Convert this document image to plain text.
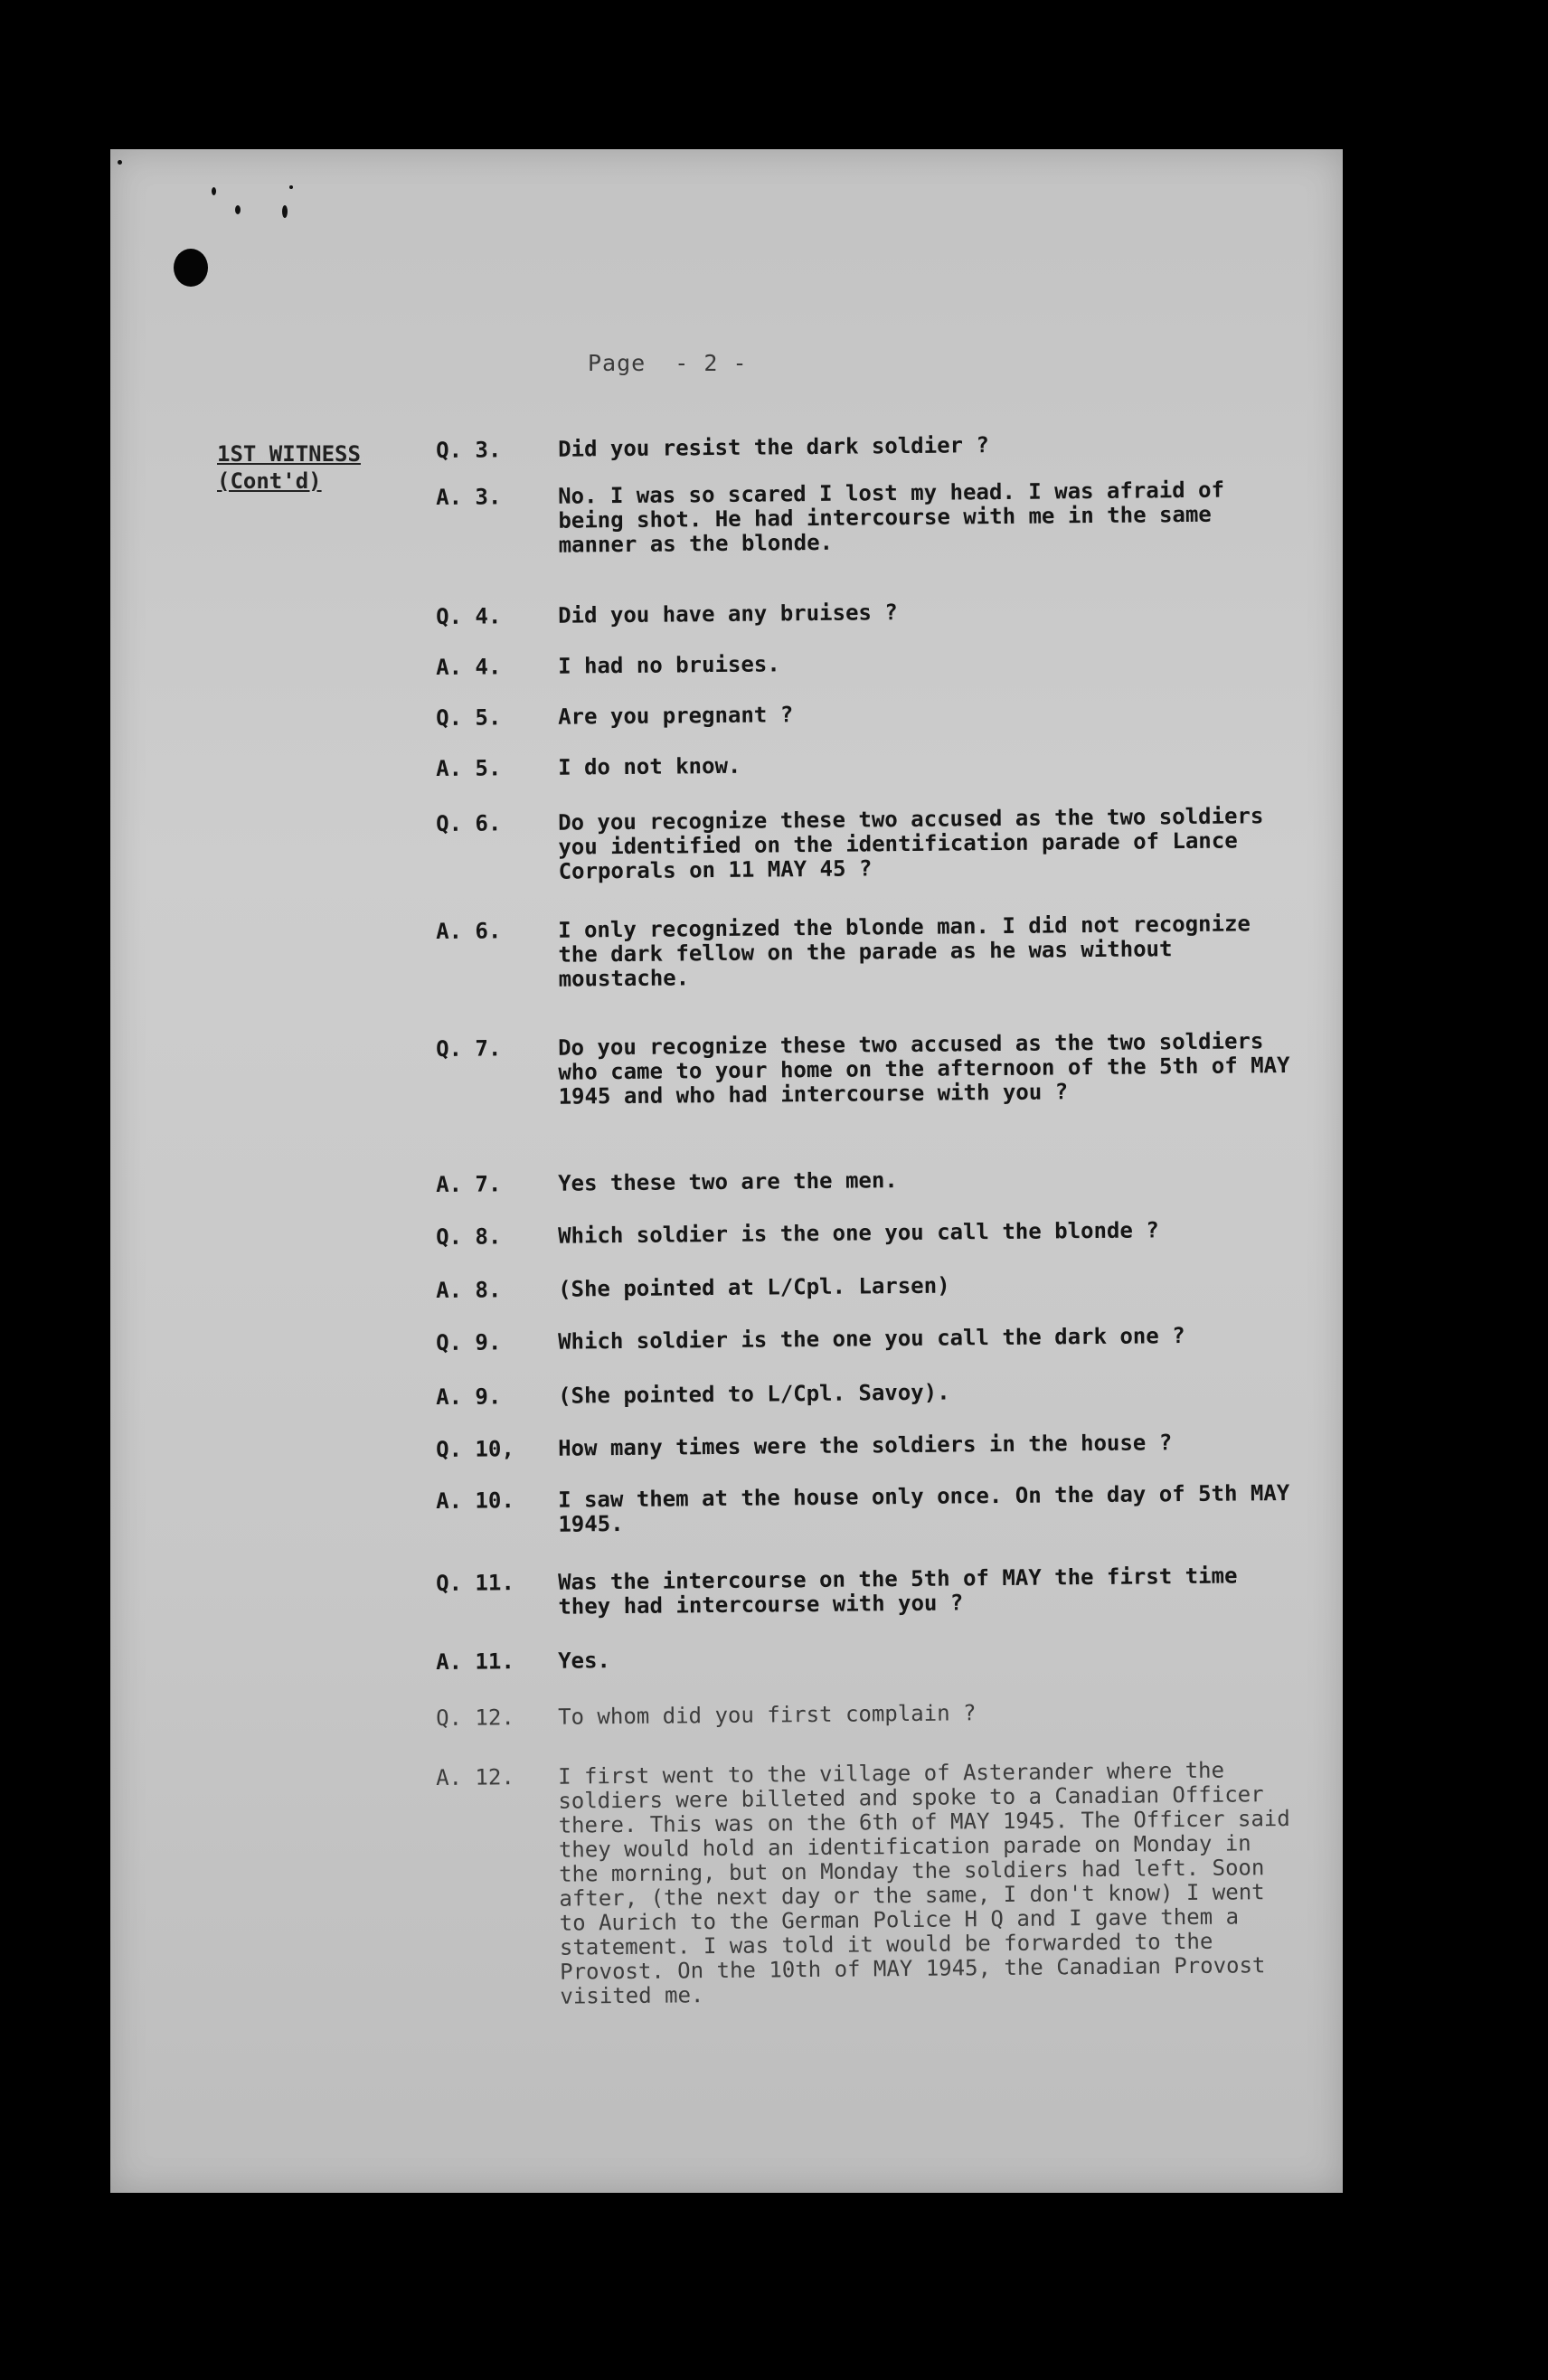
Page  - 2 -
1ST WITNESS
(Cont'd)
Q. 3.	Did you resist the dark soldier ?
A. 3.	No. I was so scared I lost my head. I was afraid of being shot. He had intercourse with me in the same manner as the blonde.
Q. 4.	Did you have any bruises ?
A. 4.	I had no bruises.
Q. 5.	Are you pregnant ?
A. 5.	I do not know.
Q. 6.	Do you recognize these two accused as the two soldiers you identified on the identification parade of Lance Corporals on 11 MAY 45 ?
A. 6.	I only recognized the blonde man. I did not recognize the dark fellow on the parade as he was without moustache.
Q. 7.	Do you recognize these two accused as the two soldiers who came to your home on the afternoon of the 5th of MAY 1945 and who had intercourse with you ?
A. 7.	Yes these two are the men.
Q. 8.	Which soldier is the one you call the blonde ?
A. 8.	(She pointed at L/Cpl. Larsen)
Q. 9.	Which soldier is the one you call the dark one ?
A. 9.	(She pointed to L/Cpl. Savoy).
Q. 10,	How many times were the soldiers in the house ?
A. 10.	I saw them at the house only once. On the day of 5th MAY 1945.
Q. 11.	Was the intercourse on the 5th of MAY the first time they had intercourse with you ?
A. 11.	Yes.
Q. 12.	To whom did you first complain ?
A. 12.	I first went to the village of Asterander where the soldiers were billeted and spoke to a Canadian Officer there. This was on the 6th of MAY 1945. The Officer said they would hold an identification parade on Monday in the morning, but on Monday the soldiers had left. Soon after, (the next day or the same, I don't know) I went to Aurich to the German Police H Q and I gave them a statement. I was told it would be forwarded to the Provost. On the 10th of MAY 1945, the Canadian Provost visited me.
